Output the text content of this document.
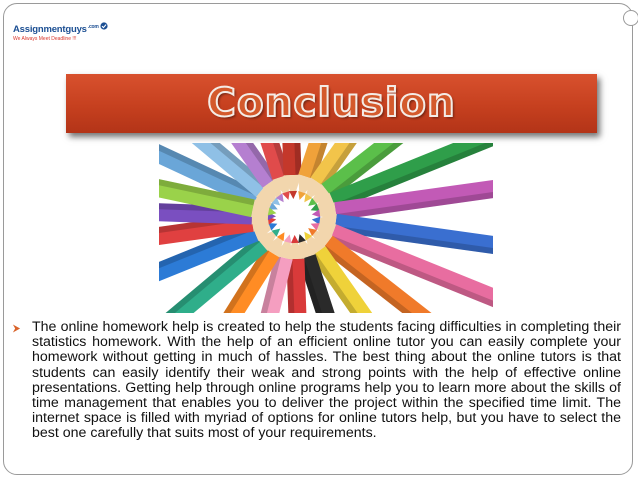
Assignmentguys .com
We Always Meet Deadline !!!
Conclusion

The online homework help is created to help the students facing difficulties in completing their statistics homework. With the help of an efficient online tutor you can easily complete your homework without getting in much of hassles. The best thing about the online tutors is that students can easily identify their weak and strong points with the help of effective online presentations. Getting help through online programs help you to learn more about the skills of time management that enables you to deliver the project within the specified time limit. The internet space is filled with myriad of options for online tutors help, but you have to select the best one carefully that suits most of your requirements.
